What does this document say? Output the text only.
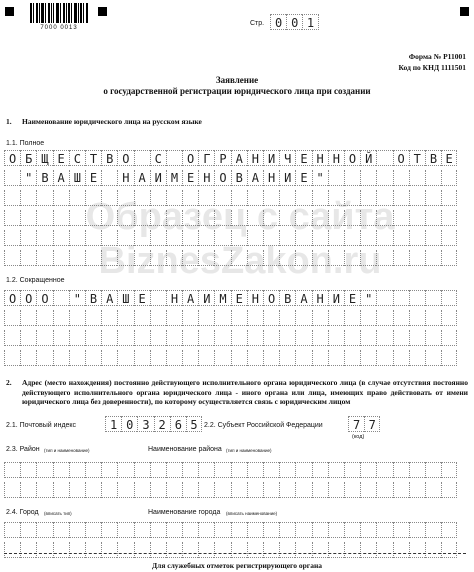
7000 0013
Стр. 0 0 1
Форма № Р11001
Код по КНД 1111501
Заявление
о государственной регистрации юридического лица при создании
1. Наименование юридического лица на русском языке
1.1. Полное
О Б Щ Е С Т В О	С	О Г Р А Н И Ч Е Н Н О Й	О Т В Е
" В А Ш Е	Н А И М Е Н О В А Н И Е "
1.2. Сокращенное
О О О	" В А Ш Е	Н А И М Е Н О В А Н И Е "
Образец с сайта
BiznesZakon.ru
2. Адрес (место нахождения) постоянно действующего исполнительного органа юридического лица (в случае отсутствия постоянно действующего исполнительного органа юридического лица - иного органа или лица, имеющих право действовать от имени юридического лица без доверенности), по которому осуществляется связь с юридическим лицом
2.1. Почтовый индекс	1 0 3 2 6 5 2.2. Субъект Российской Федерации	7 7
(код)
2.3. Район (тип и наименование)	Наименование района (тип и наименование)
2.4. Город (вписать тип)	Наименование города (вписать наименование)
Для служебных отметок регистрирующего органа
